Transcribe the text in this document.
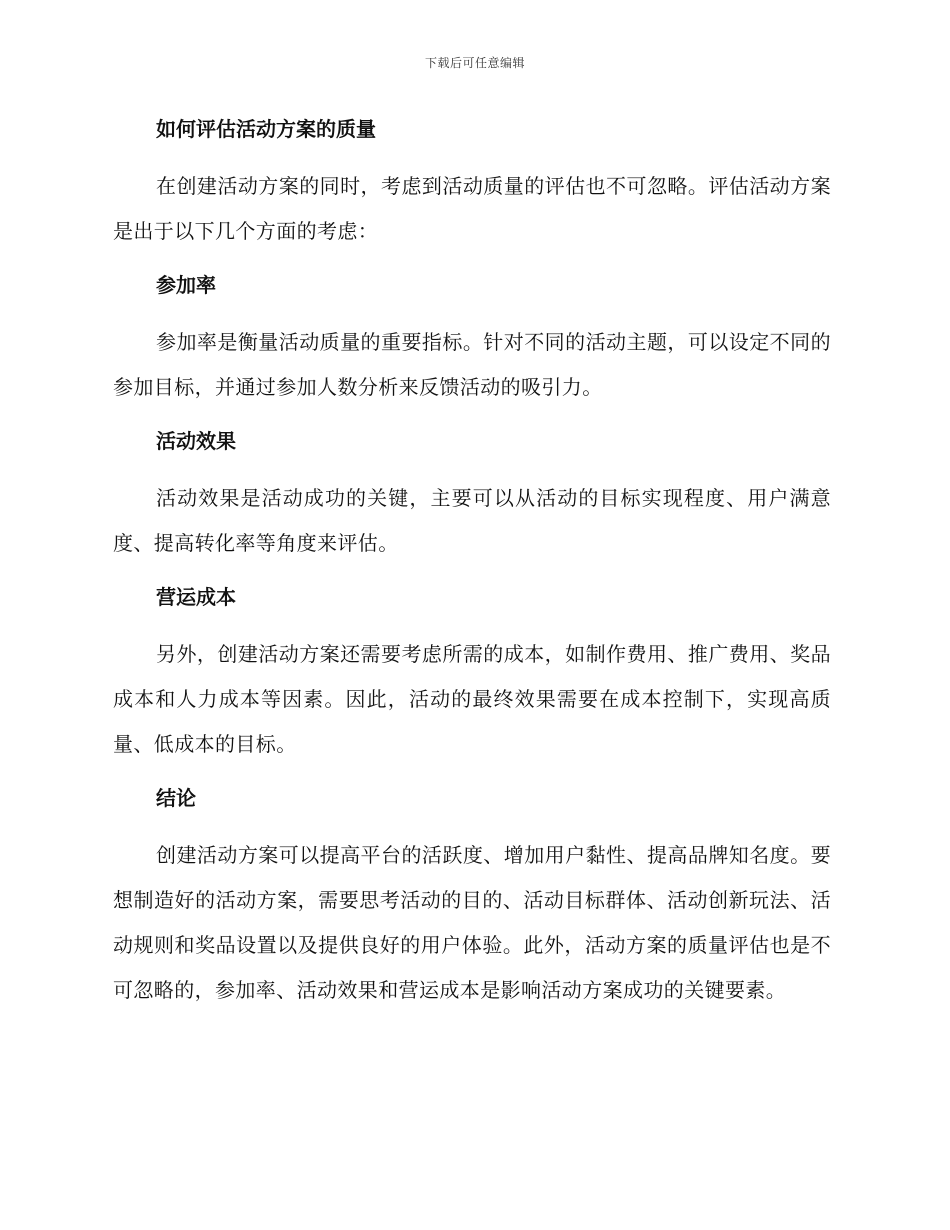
下载后可任意编辑
如何评估活动方案的质量

在创建活动方案的同时，考虑到活动质量的评估也不可忽略。评估活动方案是出于以下几个方面的考虑：

参加率

参加率是衡量活动质量的重要指标。针对不同的活动主题，可以设定不同的参加目标，并通过参加人数分析来反馈活动的吸引力。

活动效果

活动效果是活动成功的关键，主要可以从活动的目标实现程度、用户满意度、提高转化率等角度来评估。

营运成本

另外，创建活动方案还需要考虑所需的成本，如制作费用、推广费用、奖品成本和人力成本等因素。因此，活动的最终效果需要在成本控制下，实现高质量、低成本的目标。

结论

创建活动方案可以提高平台的活跃度、增加用户黏性、提高品牌知名度。要想制造好的活动方案，需要思考活动的目的、活动目标群体、活动创新玩法、活动规则和奖品设置以及提供良好的用户体验。此外，活动方案的质量评估也是不可忽略的，参加率、活动效果和营运成本是影响活动方案成功的关键要素。
